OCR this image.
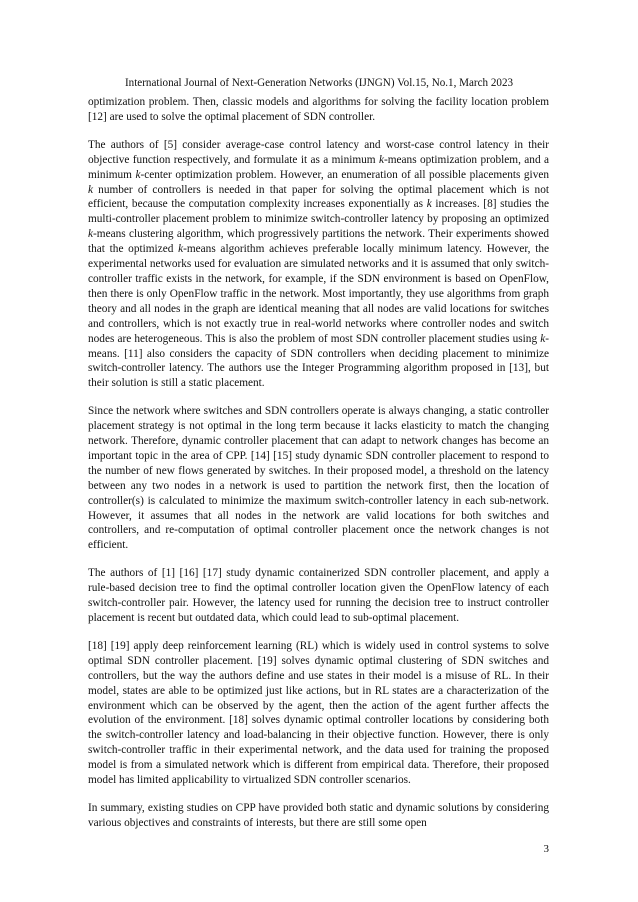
International Journal of Next-Generation Networks (IJNGN) Vol.15, No.1, March 2023

optimization problem. Then, classic models and algorithms for solving the facility location problem [12] are used to solve the optimal placement of SDN controller.

The authors of [5] consider average-case control latency and worst-case control latency in their objective function respectively, and formulate it as a minimum k-means optimization problem, and a minimum k-center optimization problem. However, an enumeration of all possible placements given k number of controllers is needed in that paper for solving the optimal placement which is not efficient, because the computation complexity increases exponentially as k increases. [8] studies the multi-controller placement problem to minimize switch-controller latency by proposing an optimized k-means clustering algorithm, which progressively partitions the network. Their experiments showed that the optimized k-means algorithm achieves preferable locally minimum latency. However, the experimental networks used for evaluation are simulated networks and it is assumed that only switch-controller traffic exists in the network, for example, if the SDN environment is based on OpenFlow, then there is only OpenFlow traffic in the network. Most importantly, they use algorithms from graph theory and all nodes in the graph are identical meaning that all nodes are valid locations for switches and controllers, which is not exactly true in real-world networks where controller nodes and switch nodes are heterogeneous. This is also the problem of most SDN controller placement studies using k-means. [11] also considers the capacity of SDN controllers when deciding placement to minimize switch-controller latency. The authors use the Integer Programming algorithm proposed in [13], but their solution is still a static placement.

Since the network where switches and SDN controllers operate is always changing, a static controller placement strategy is not optimal in the long term because it lacks elasticity to match the changing network. Therefore, dynamic controller placement that can adapt to network changes has become an important topic in the area of CPP. [14] [15] study dynamic SDN controller placement to respond to the number of new flows generated by switches. In their proposed model, a threshold on the latency between any two nodes in a network is used to partition the network first, then the location of controller(s) is calculated to minimize the maximum switch-controller latency in each sub-network. However, it assumes that all nodes in the network are valid locations for both switches and controllers, and re-computation of optimal controller placement once the network changes is not efficient.

The authors of [1] [16] [17] study dynamic containerized SDN controller placement, and apply a rule-based decision tree to find the optimal controller location given the OpenFlow latency of each switch-controller pair. However, the latency used for running the decision tree to instruct controller placement is recent but outdated data, which could lead to sub-optimal placement.

[18] [19] apply deep reinforcement learning (RL) which is widely used in control systems to solve optimal SDN controller placement. [19] solves dynamic optimal clustering of SDN switches and controllers, but the way the authors define and use states in their model is a misuse of RL. In their model, states are able to be optimized just like actions, but in RL states are a characterization of the environment which can be observed by the agent, then the action of the agent further affects the evolution of the environment. [18] solves dynamic optimal controller locations by considering both the switch-controller latency and load-balancing in their objective function. However, there is only switch-controller traffic in their experimental network, and the data used for training the proposed model is from a simulated network which is different from empirical data. Therefore, their proposed model has limited applicability to virtualized SDN controller scenarios.

In summary, existing studies on CPP have provided both static and dynamic solutions by considering various objectives and constraints of interests, but there are still some open

3
